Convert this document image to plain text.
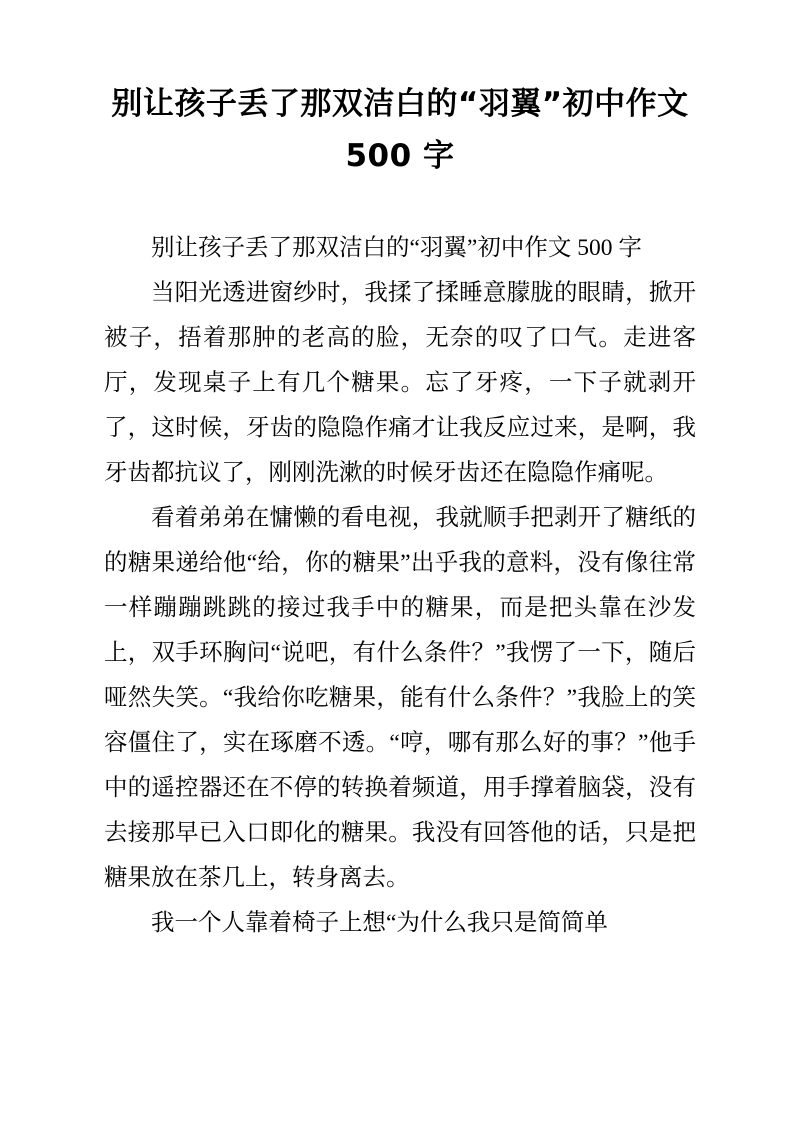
别让孩子丢了那双洁白的“羽翼”初中作文 500 字

别让孩子丢了那双洁白的“羽翼”初中作文 500 字

当阳光透进窗纱时，我揉了揉睡意朦胧的眼睛，掀开被子，捂着那肿的老高的脸，无奈的叹了口气。走进客厅，发现桌子上有几个糖果。忘了牙疼，一下子就剥开了，这时候，牙齿的隐隐作痛才让我反应过来，是啊，我牙齿都抗议了，刚刚洗漱的时候牙齿还在隐隐作痛呢。

看着弟弟在慵懒的看电视，我就顺手把剥开了糖纸的的糖果递给他“给，你的糖果”出乎我的意料，没有像往常一样蹦蹦跳跳的接过我手中的糖果，而是把头靠在沙发上，双手环胸问“说吧，有什么条件？”我愣了一下，随后哑然失笑。“我给你吃糖果，能有什么条件？”我脸上的笑容僵住了，实在琢磨不透。“哼，哪有那么好的事？”他手中的遥控器还在不停的转换着频道，用手撑着脑袋，没有去接那早已入口即化的糖果。我没有回答他的话，只是把糖果放在茶几上，转身离去。

我一个人靠着椅子上想“为什么我只是简简单
